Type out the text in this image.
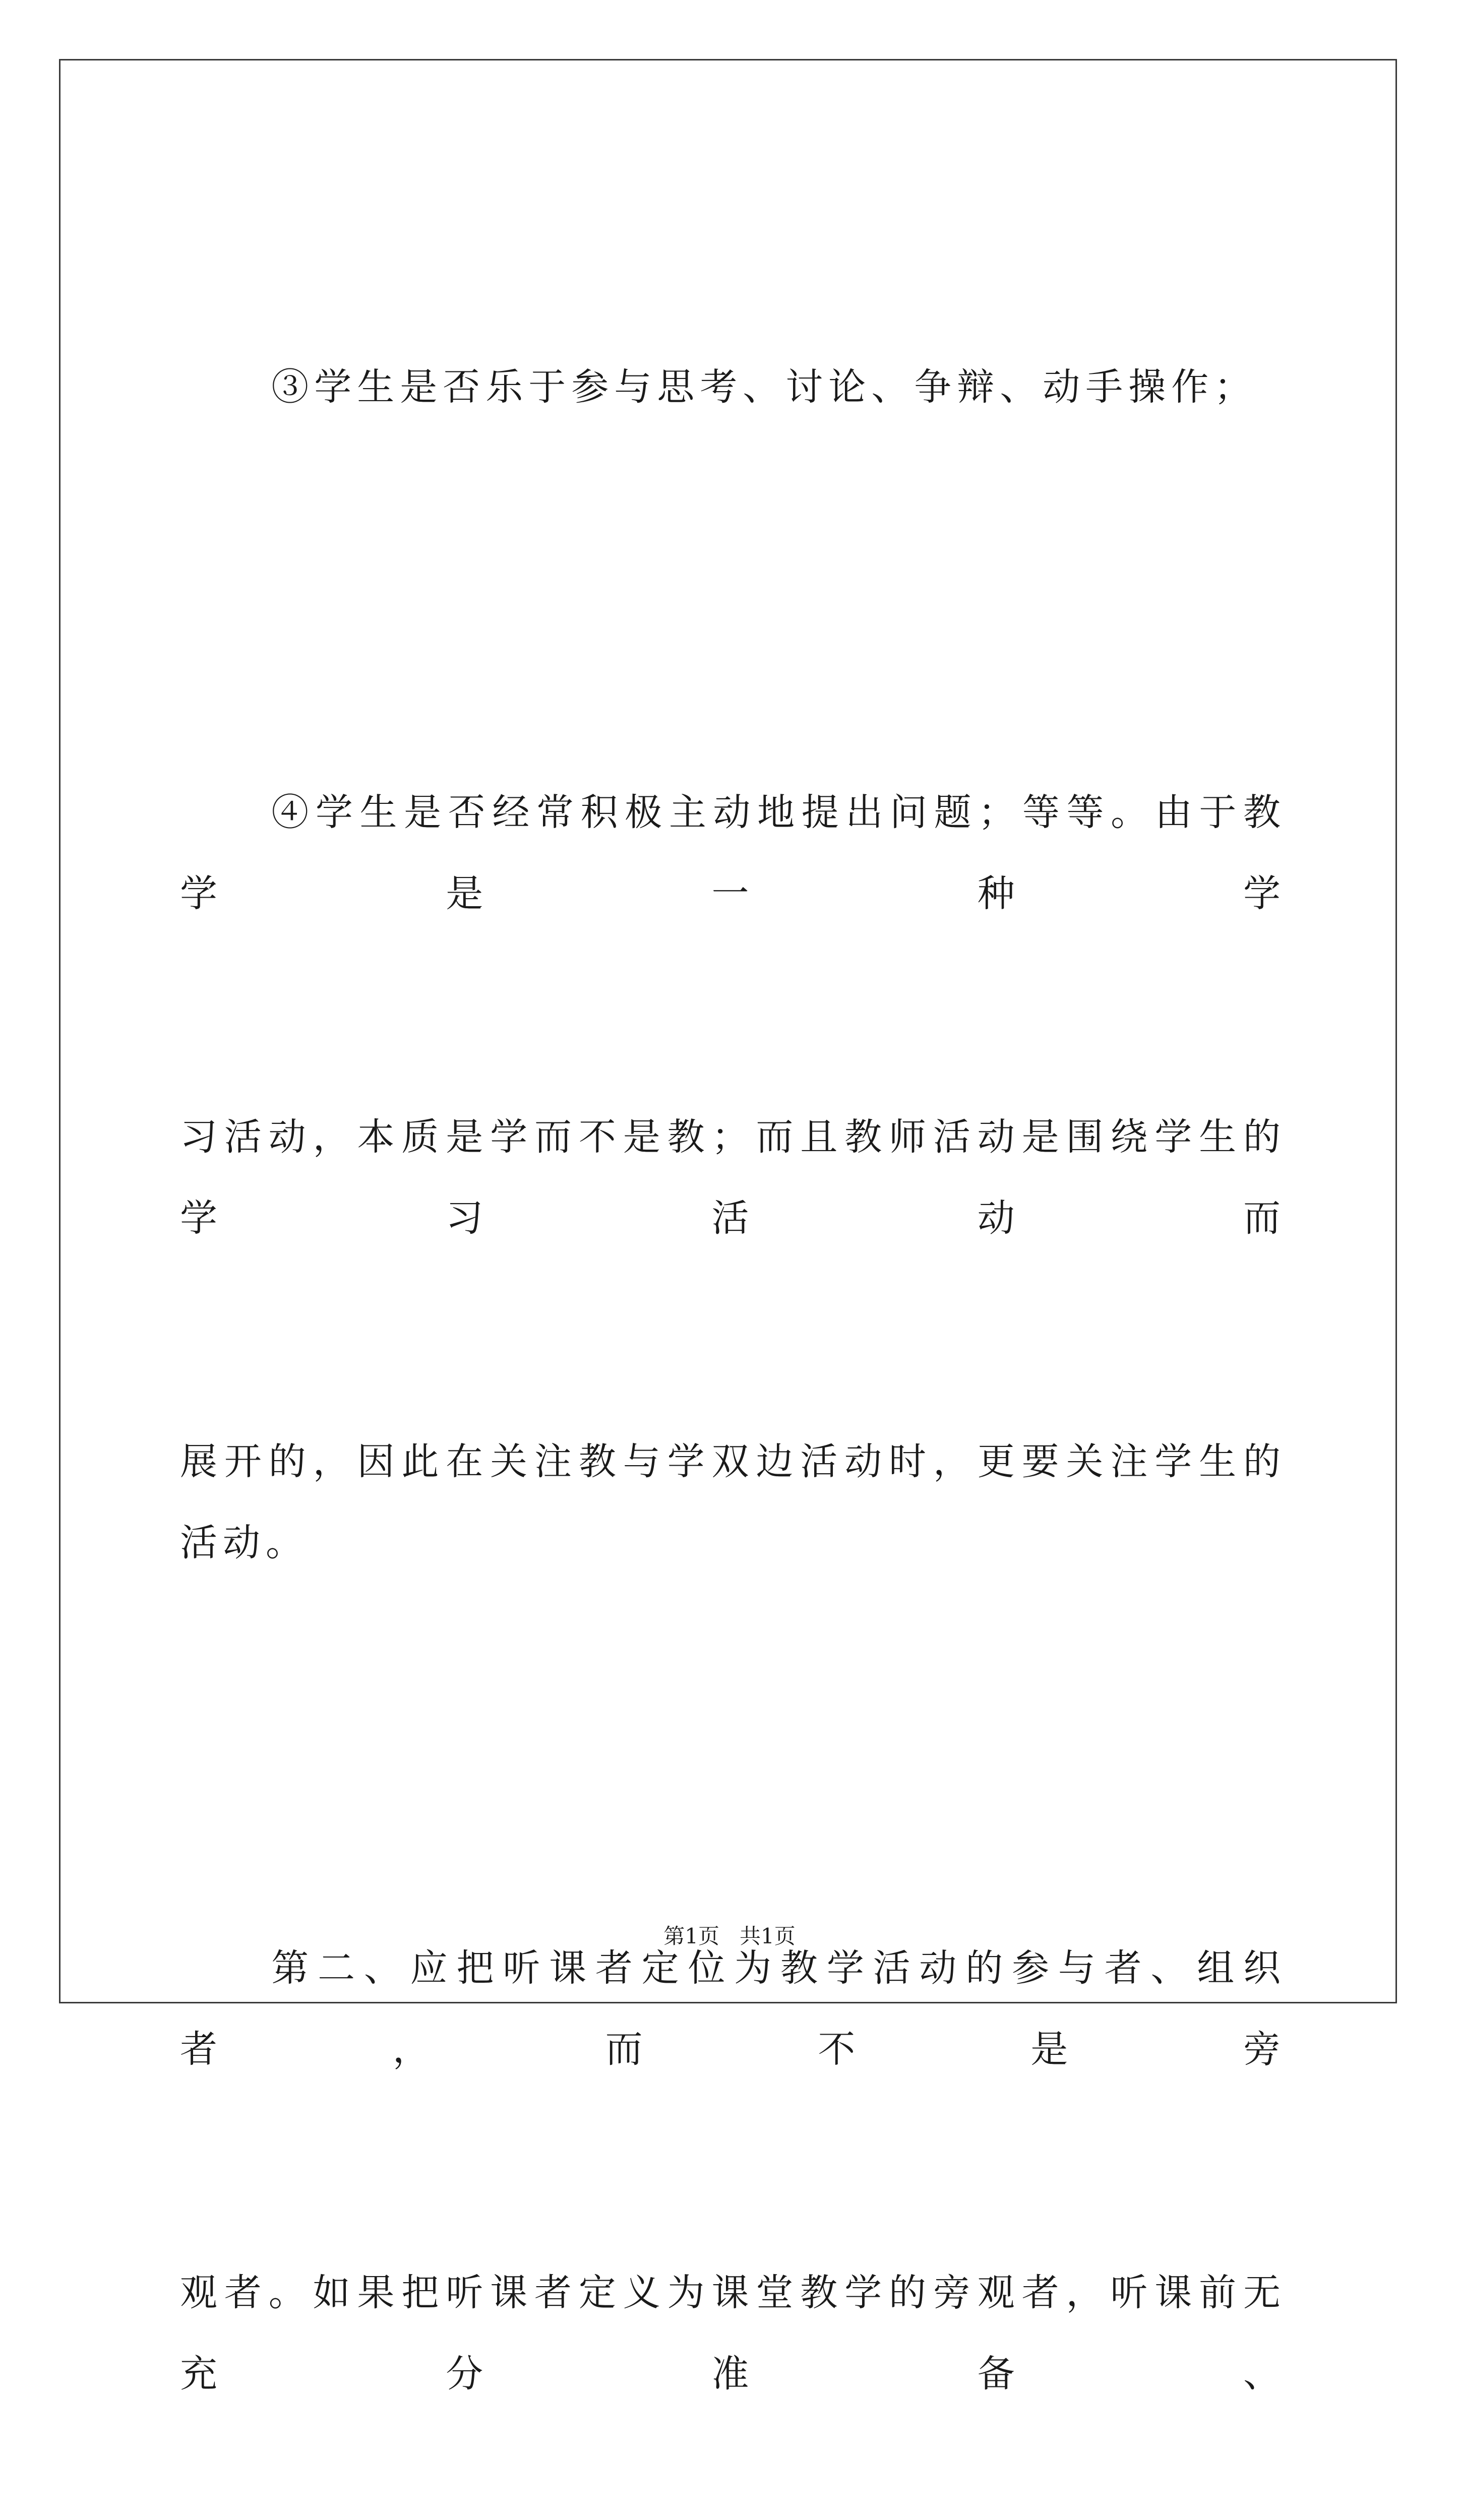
③学生是否乐于参与思考、讨论、争辩、动手操作；

④学生是否经常积极主动地提出问题；等等。由于教学是一种学

习活动，本质是学而不是教；而且教师活动是围绕学生的学习活动而

展开的，因此在关注教与学双边活动时，更要关注学生的活动。

第二、应把听课者定位为教学活动的参与者、组织者，而不是旁

观者。如果把听课者定义为课堂教学的旁观者，听课前无充分准备、

第1页 共1页
